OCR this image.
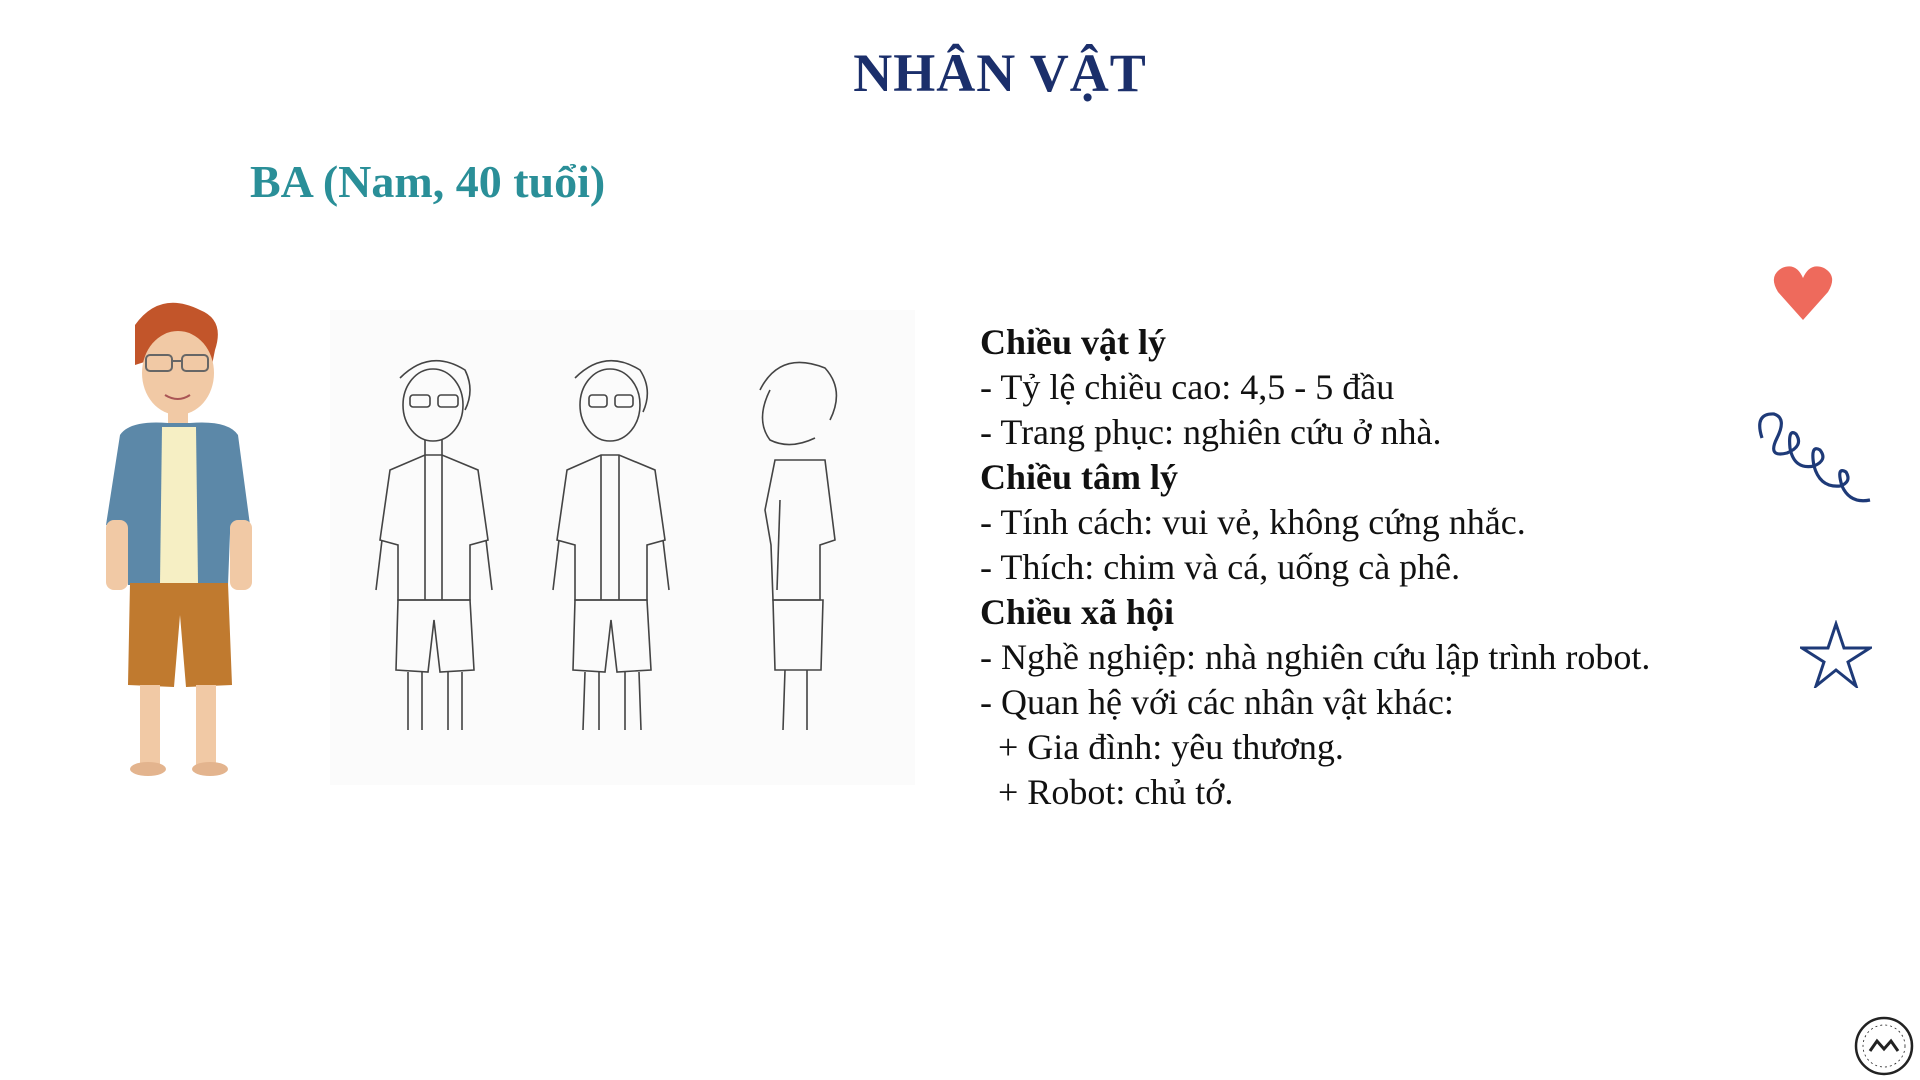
NHÂN VẬT
BA (Nam, 40 tuổi)
Chiều vật lý
- Tỷ lệ chiều cao: 4,5 - 5 đầu
- Trang phục: nghiên cứu ở nhà.
Chiều tâm lý
- Tính cách: vui vẻ, không cứng nhắc.
- Thích: chim và cá, uống cà phê.
Chiều xã hội
- Nghề nghiệp: nhà nghiên cứu lập trình robot.
- Quan hệ với các nhân vật khác:
+ Gia đình: yêu thương.
+ Robot: chủ tớ.
